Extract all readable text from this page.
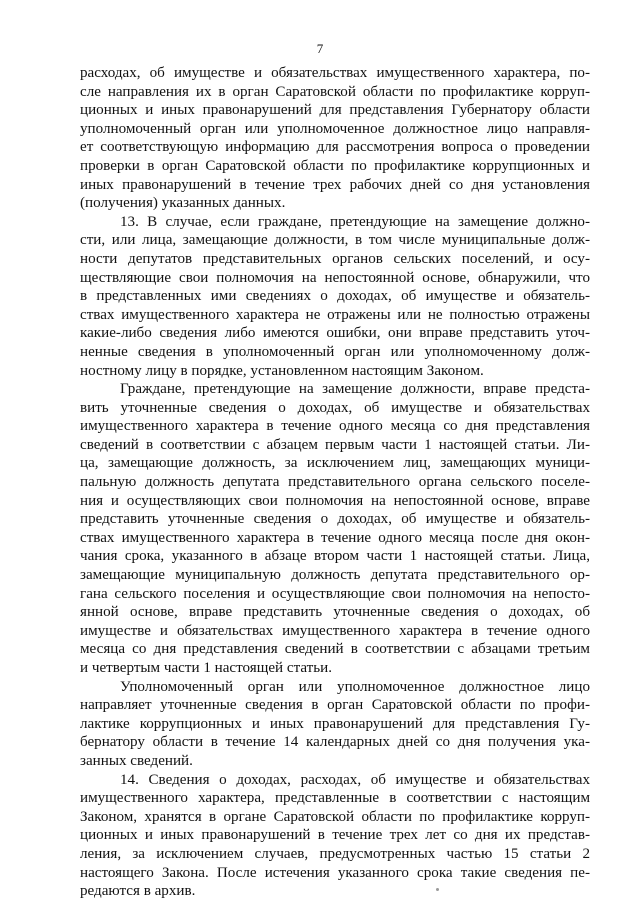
7
расходах, об имуществе и обязательствах имущественного характера, по-
сле направления их в орган Саратовской области по профилактике корруп-
ционных и иных правонарушений для представления Губернатору области
уполномоченный орган или уполномоченное должностное лицо направля-
ет соответствующую информацию для рассмотрения вопроса о проведении
проверки в орган Саратовской области по профилактике коррупционных и
иных правонарушений в течение трех рабочих дней со дня установления
(получения) указанных данных.
13. В случае, если граждане, претендующие на замещение должно-
сти, или лица, замещающие должности, в том числе муниципальные долж-
ности депутатов представительных органов сельских поселений, и осу-
ществляющие свои полномочия на непостоянной основе, обнаружили, что
в представленных ими сведениях о доходах, об имуществе и обязатель-
ствах имущественного характера не отражены или не полностью отражены
какие-либо сведения либо имеются ошибки, они вправе представить уточ-
ненные сведения в уполномоченный орган или уполномоченному долж-
ностному лицу в порядке, установленном настоящим Законом.
Граждане, претендующие на замещение должности, вправе предста-
вить уточненные сведения о доходах, об имуществе и обязательствах
имущественного характера в течение одного месяца со дня представления
сведений в соответствии с абзацем первым части 1 настоящей статьи. Ли-
ца, замещающие должность, за исключением лиц, замещающих муници-
пальную должность депутата представительного органа сельского поселе-
ния и осуществляющих свои полномочия на непостоянной основе, вправе
представить уточненные сведения о доходах, об имуществе и обязатель-
ствах имущественного характера в течение одного месяца после дня окон-
чания срока, указанного в абзаце втором части 1 настоящей статьи. Лица,
замещающие муниципальную должность депутата представительного ор-
гана сельского поселения и осуществляющие свои полномочия на непосто-
янной основе, вправе представить уточненные сведения о доходах, об
имуществе и обязательствах имущественного характера в течение одного
месяца со дня представления сведений в соответствии с абзацами третьим
и четвертым части 1 настоящей статьи.
Уполномоченный орган или уполномоченное должностное лицо
направляет уточненные сведения в орган Саратовской области по профи-
лактике коррупционных и иных правонарушений для представления Гу-
бернатору области в течение 14 календарных дней со дня получения ука-
занных сведений.
14. Сведения о доходах, расходах, об имуществе и обязательствах
имущественного характера, представленные в соответствии с настоящим
Законом, хранятся в органе Саратовской области по профилактике корруп-
ционных и иных правонарушений в течение трех лет со дня их представ-
ления, за исключением случаев, предусмотренных частью 15 статьи 2
настоящего Закона. После истечения указанного срока такие сведения пе-
редаются в архив.
